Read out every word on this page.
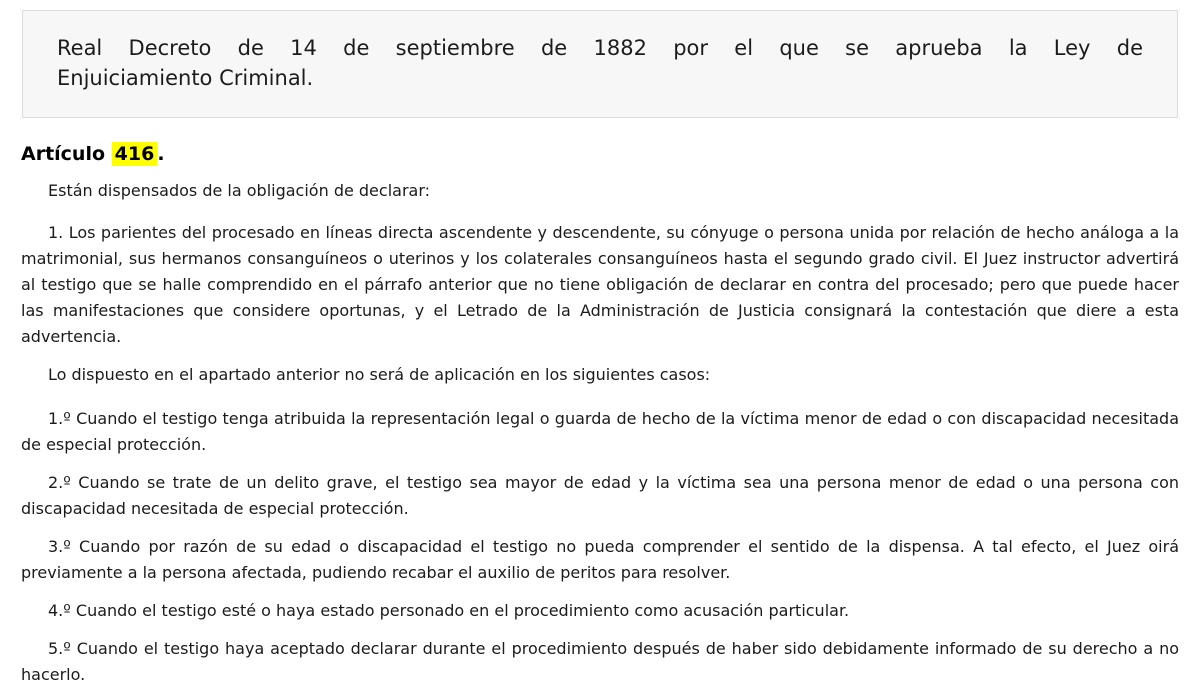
Real Decreto de 14 de septiembre de 1882 por el que se aprueba la Ley de
Enjuiciamiento Criminal.
Artículo 416 .

Están dispensados de la obligación de declarar:

1. Los parientes del procesado en líneas directa ascendente y descendente, su cónyuge o persona unida por relación de hecho análoga a la matrimonial, sus hermanos consanguíneos o uterinos y los colaterales consanguíneos hasta el segundo grado civil. El Juez instructor advertirá al testigo que se halle comprendido en el párrafo anterior que no tiene obligación de declarar en contra del procesado; pero que puede hacer las manifestaciones que considere oportunas, y el Letrado de la Administración de Justicia consignará la contestación que diere a esta advertencia.

Lo dispuesto en el apartado anterior no será de aplicación en los siguientes casos:

1.º Cuando el testigo tenga atribuida la representación legal o guarda de hecho de la víctima menor de edad o con discapacidad necesitada de especial protección.

2.º Cuando se trate de un delito grave, el testigo sea mayor de edad y la víctima sea una persona menor de edad o una persona con discapacidad necesitada de especial protección.

3.º Cuando por razón de su edad o discapacidad el testigo no pueda comprender el sentido de la dispensa. A tal efecto, el Juez oirá previamente a la persona afectada, pudiendo recabar el auxilio de peritos para resolver.

4.º Cuando el testigo esté o haya estado personado en el procedimiento como acusación particular.

5.º Cuando el testigo haya aceptado declarar durante el procedimiento después de haber sido debidamente informado de su derecho a no hacerlo.
